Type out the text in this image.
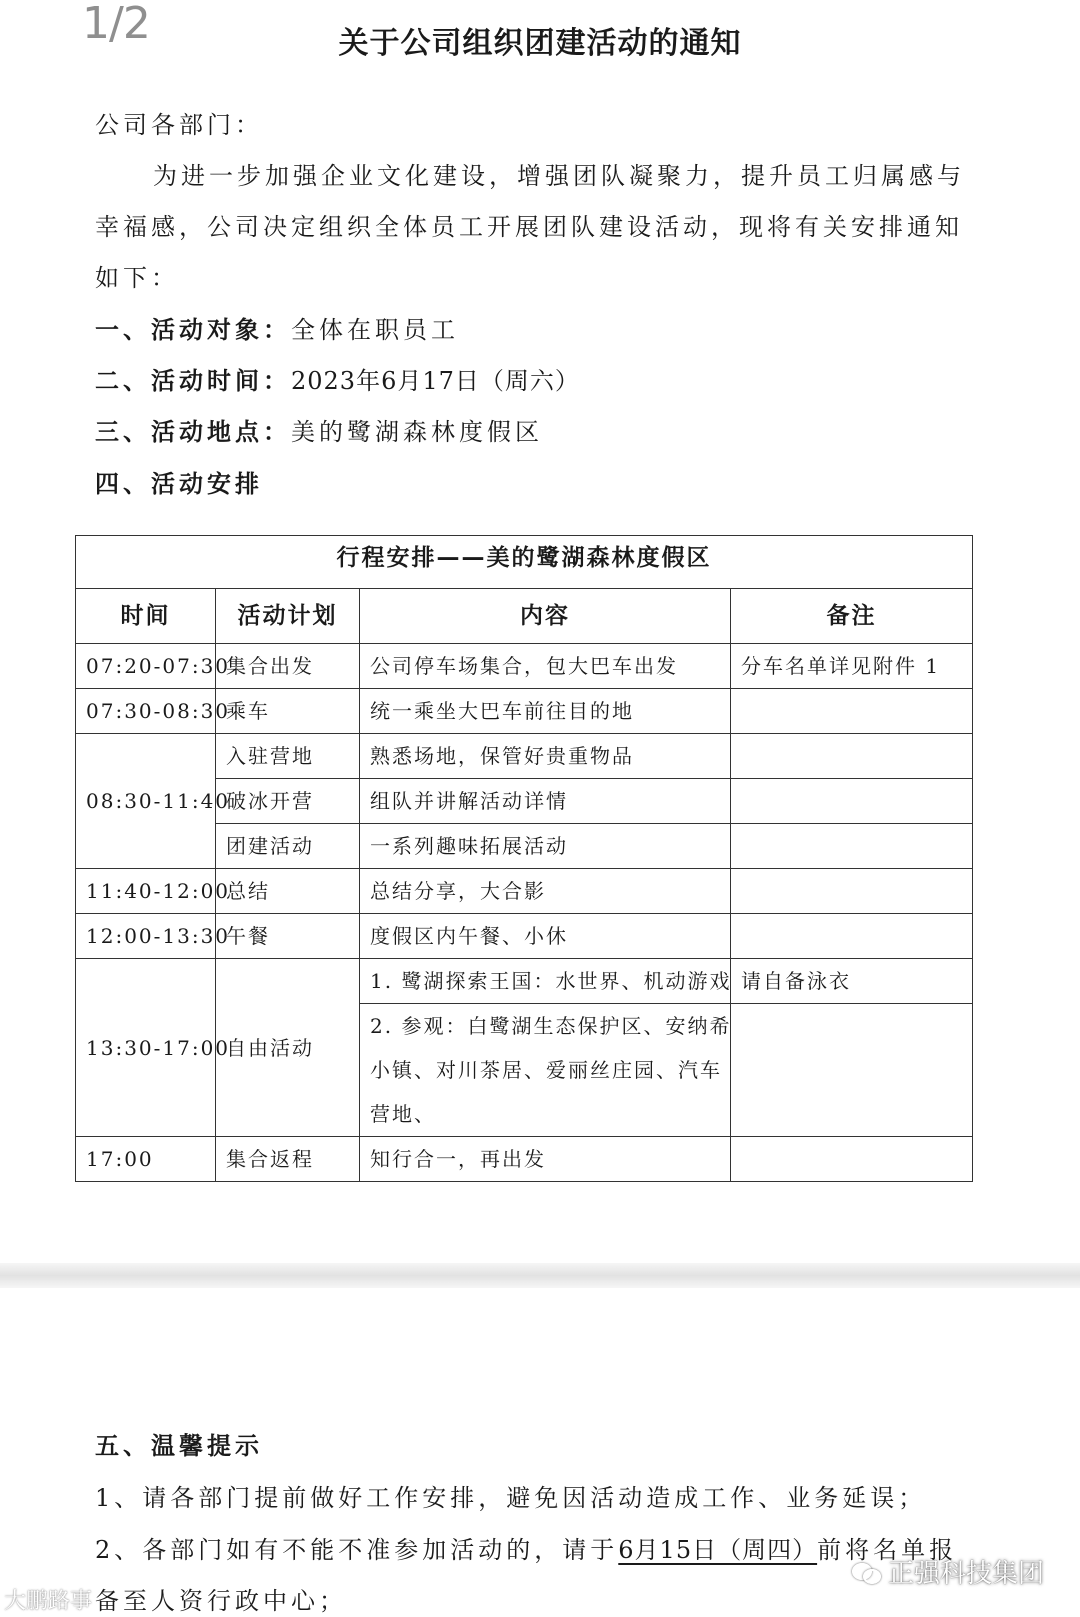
1/2	关于公司组织团建活动的通知
公司各部门：
为进一步加强企业文化建设，增强团队凝聚力，提升员工归属感与
幸福感，公司决定组织全体员工开展团队建设活动，现将有关安排通知
如下：
一、活动对象：全体在职员工
二、活动时间：2023年6月17日（周六）
三、活动地点：美的鹭湖森林度假区
四、活动安排
行程安排——美的鹭湖森林度假区			
时间	活动计划	内容	备注
07:20-07:30	集合出发	公司停车场集合，包大巴车出发	分车名单详见附件 1
07:30-08:30	乘车	统一乘坐大巴车前往目的地	
08:30-11:40	入驻营地	熟悉场地，保管好贵重物品	
	破冰开营	组队并讲解活动详情	
	团建活动	一系列趣味拓展活动	
11:40-12:00	总结	总结分享，大合影	
12:00-13:30	午餐	度假区内午餐、小休	
13:30-17:00	自由活动	1. 鹭湖探索王国：水世界、机动游戏	请自备泳衣

		2. 参观：白鹭湖生态保护区、安纳希
小镇、对川茶居、爱丽丝庄园、汽车
营地、	

17:00	集合返程	知行合一，再出发	
五、温馨提示
1、请各部门提前做好工作安排，避免因活动造成工作、业务延误；
2、各部门如有不能不准参加活动的，请于6月15日（周四）前将名单报
备至人资行政中心；
大鹏路事
正强科技集团
